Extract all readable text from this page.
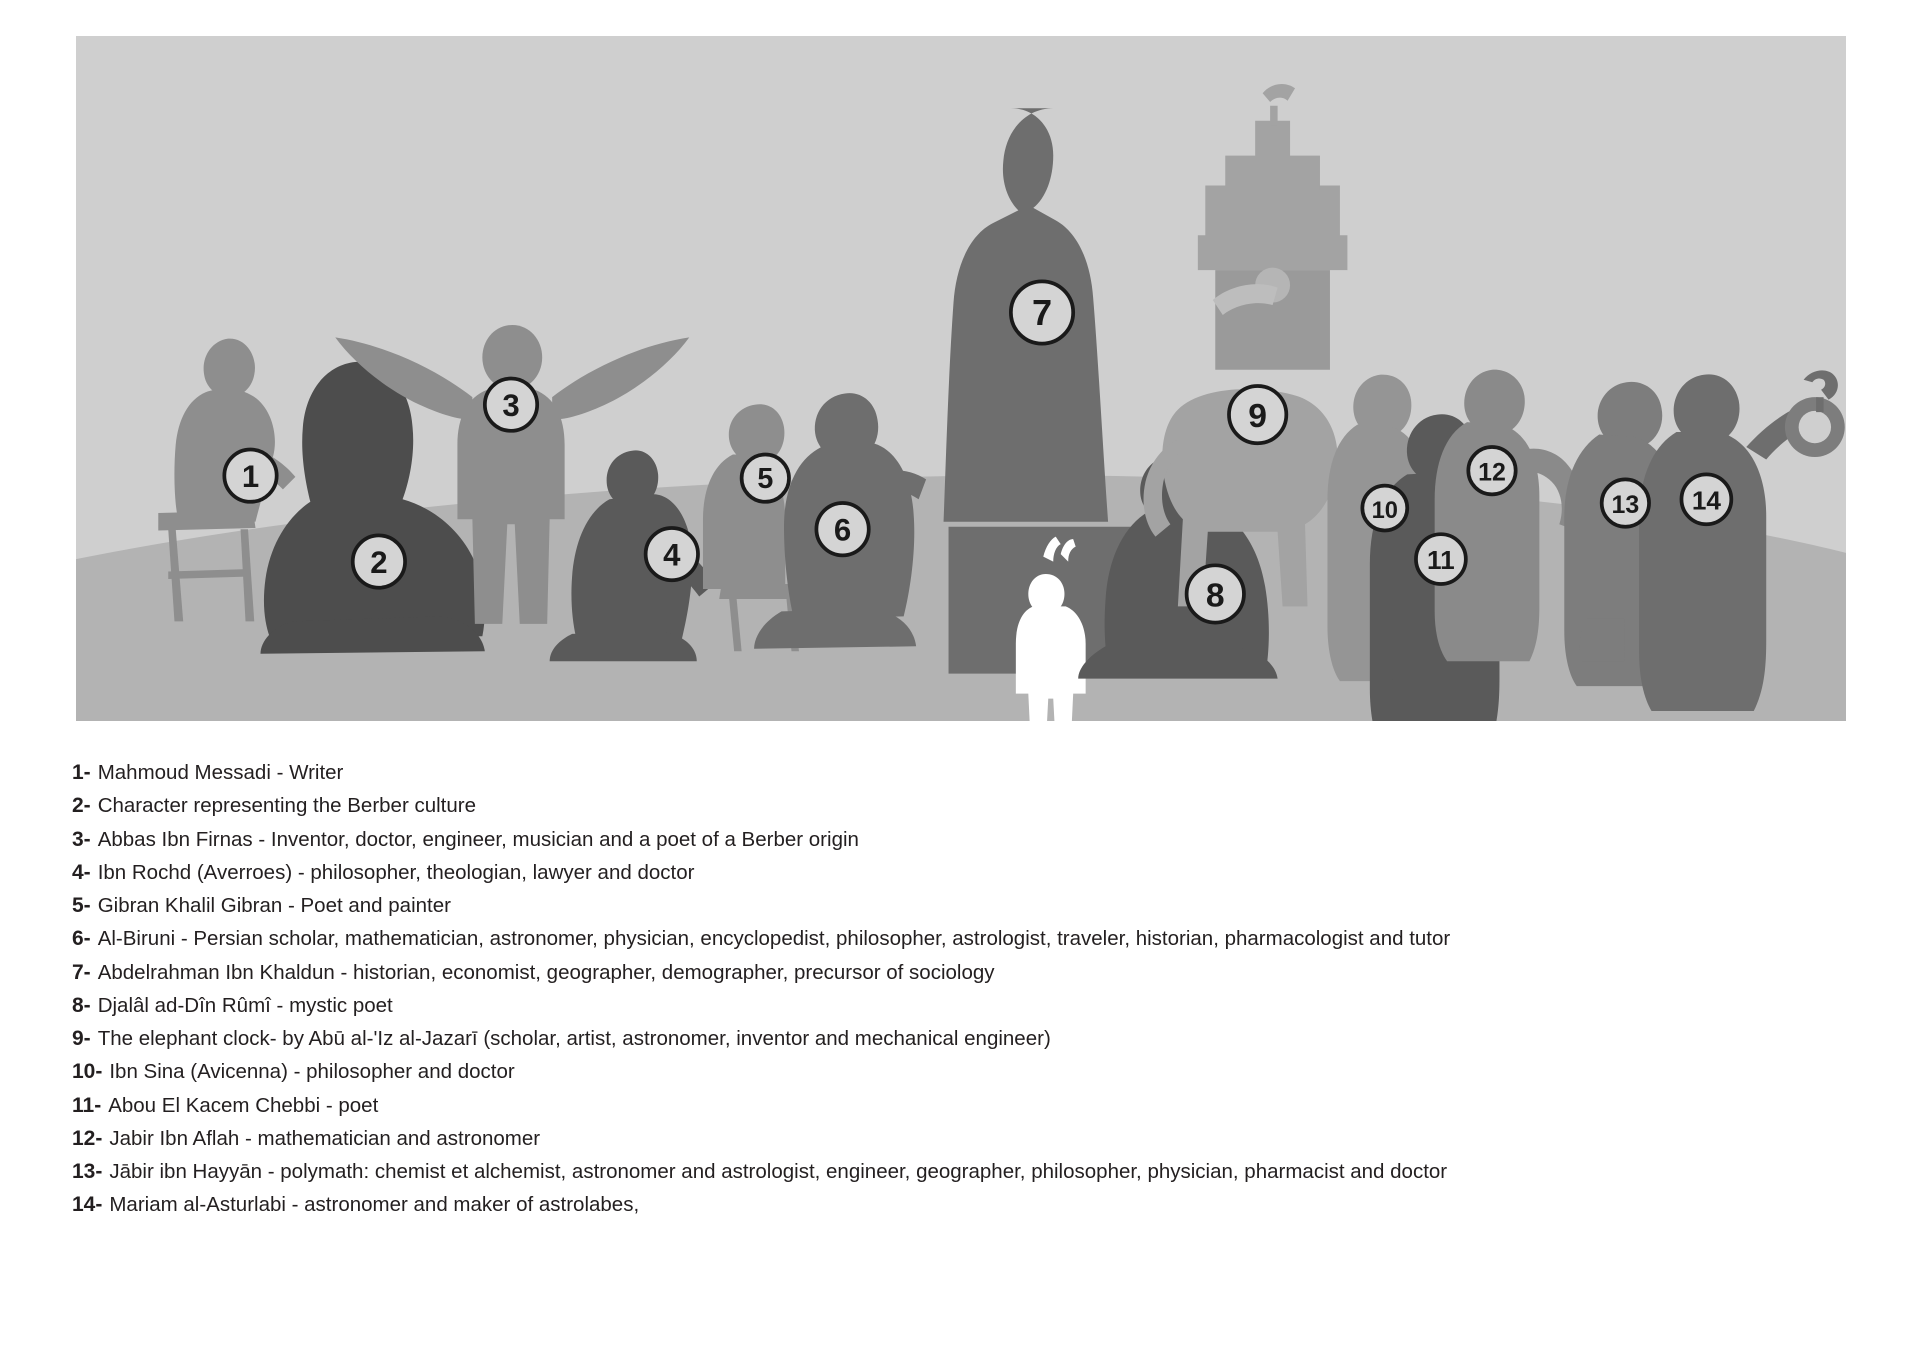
1
2
3
4
5
6
7
8
9
10
11
12
13	14
1- Mahmoud Messadi - Writer
2- Character representing the Berber culture
3- Abbas Ibn Firnas - Inventor, doctor, engineer, musician and a poet of a Berber origin
4- Ibn Rochd (Averroes) - philosopher, theologian, lawyer and doctor
5- Gibran Khalil Gibran - Poet and painter
6- Al-Biruni - Persian scholar, mathematician, astronomer, physician, encyclopedist, philosopher, astrologist, traveler, historian, pharmacologist and tutor
7- Abdelrahman Ibn Khaldun - historian, economist, geographer, demographer, precursor of sociology
8- Djalâl ad-Dîn Rûmî - mystic poet
9- The elephant clock- by Abū al-'Iz al-Jazarī (scholar, artist, astronomer, inventor and mechanical engineer)
10- Ibn Sina (Avicenna) - philosopher and doctor
11- Abou El Kacem Chebbi - poet
12- Jabir Ibn Aflah - mathematician and astronomer
13- Jābir ibn Hayyān - polymath: chemist et alchemist, astronomer and astrologist, engineer, geographer, philosopher, physician, pharmacist and doctor
14- Mariam al-Asturlabi - astronomer and maker of astrolabes,
